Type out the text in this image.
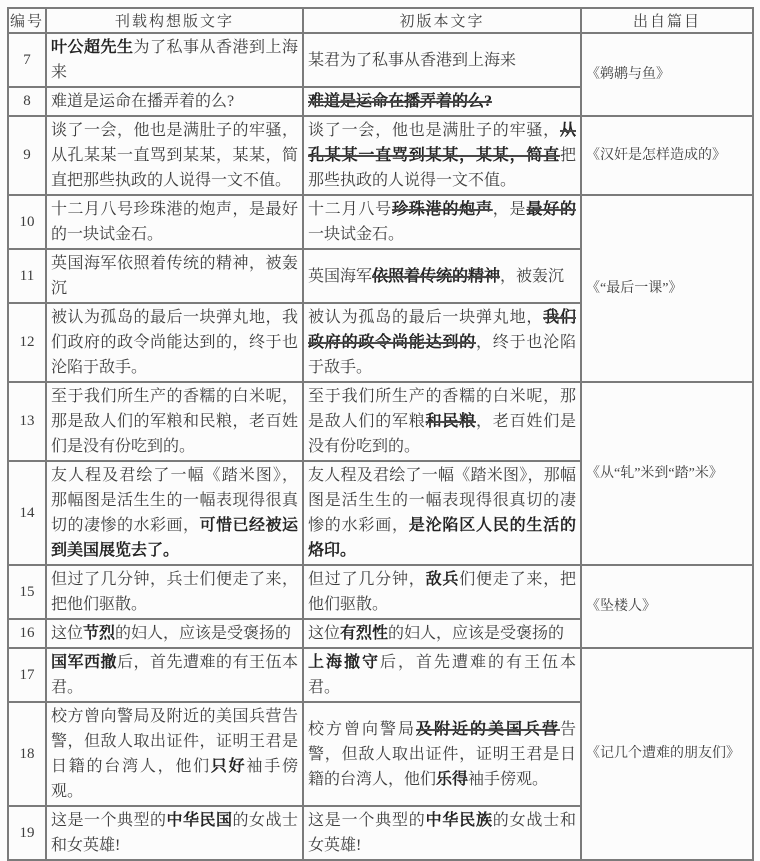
编号	刊载构想版文字	初版本文字	出自篇目
7	叶公超先生为了私事从香港到上海来	某君为了私事从香港到上海来	《鹈鹕与鱼》
8	难道是运命在播弄着的么?	难道是运命在播弄着的么?	
9	谈了一会，他也是满肚子的牢骚，从孔某某一直骂到某某，某某，简直把那些执政的人说得一文不值。	谈了一会，他也是满肚子的牢骚，从孔某某一直骂到某某，某某，简直把那些执政的人说得一文不值。	《汉奸是怎样造成的》
10	十二月八号珍珠港的炮声，是最好的一块试金石。	十二月八号珍珠港的炮声，是最好的一块试金石。	《“最后一课”》
11	英国海军依照着传统的精神，被轰沉	英国海军依照着传统的精神，被轰沉	
12	被认为孤岛的最后一块弹丸地，我们政府的政令尚能达到的，终于也沦陷于敌手。	被认为孤岛的最后一块弹丸地，我们政府的政令尚能达到的，终于也沦陷于敌手。	
13	至于我们所生产的香糯的白米呢，那是敌人们的军粮和民粮，老百姓们是没有份吃到的。	至于我们所生产的香糯的白米呢，那是敌人们的军粮和民粮，老百姓们是没有份吃到的。	《从“轧”米到“踏”米》
14	友人程及君绘了一幅《踏米图》，那幅图是活生生的一幅表现得很真切的凄惨的水彩画，可惜已经被运到美国展览去了。	友人程及君绘了一幅《踏米图》，那幅图是活生生的一幅表现得很真切的凄惨的水彩画，是沦陷区人民的生活的烙印。	
15	但过了几分钟，兵士们便走了来，把他们驱散。	但过了几分钟，敌兵们便走了来，把他们驱散。	《坠楼人》
16	这位节烈的妇人，应该是受褒扬的	这位有烈性的妇人，应该是受褒扬的	
17	国军西撤后，首先遭难的有王伍本君。	上海撤守后，首先遭难的有王伍本君。	《记几个遭难的朋友们》
18	校方曾向警局及附近的美国兵营告警，但敌人取出证件，证明王君是日籍的台湾人，他们只好袖手傍观。	校方曾向警局及附近的美国兵营告警，但敌人取出证件，证明王君是日籍的台湾人，他们乐得袖手傍观。	
19	这是一个典型的中华民国的女战士和女英雄!	这是一个典型的中华民族的女战士和女英雄!	
